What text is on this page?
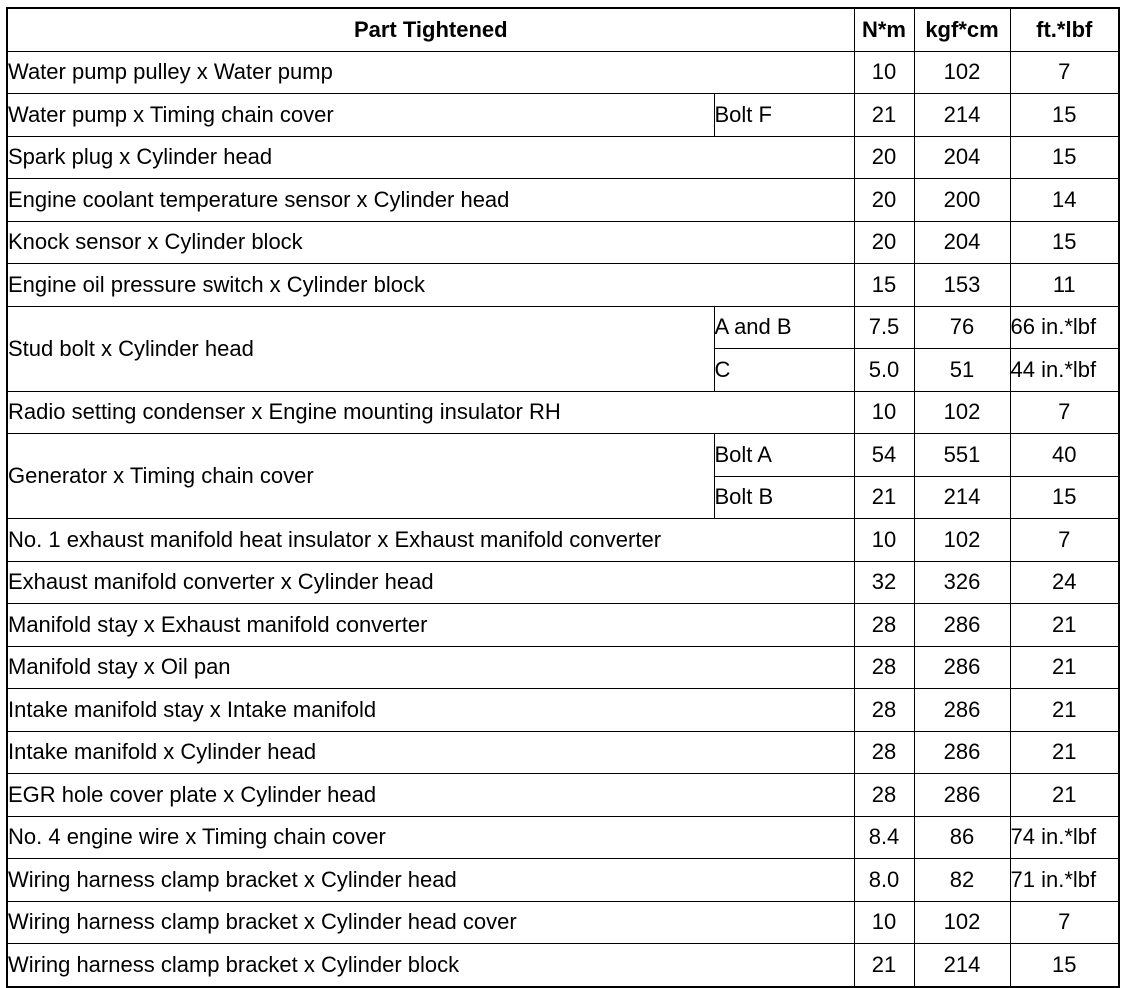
Part Tightened		N*m	kgf*cm	ft.*lbf
Water pump pulley x Water pump		10	102	7
Water pump x Timing chain cover	Bolt F	21	214	15
Spark plug x Cylinder head		20	204	15
Engine coolant temperature sensor x Cylinder head		20	200	14
Knock sensor x Cylinder block		20	204	15
Engine oil pressure switch x Cylinder block		15	153	11
Stud bolt x Cylinder head	A and B	7.5	76	66 in.*lbf
	C	5.0	51	44 in.*lbf
Radio setting condenser x Engine mounting insulator RH		10	102	7
Generator x Timing chain cover	Bolt A	54	551	40
	Bolt B	21	214	15
No. 1 exhaust manifold heat insulator x Exhaust manifold converter		10	102	7
Exhaust manifold converter x Cylinder head		32	326	24
Manifold stay x Exhaust manifold converter		28	286	21
Manifold stay x Oil pan		28	286	21
Intake manifold stay x Intake manifold		28	286	21
Intake manifold x Cylinder head		28	286	21
EGR hole cover plate x Cylinder head		28	286	21
No. 4 engine wire x Timing chain cover		8.4	86	74 in.*lbf
Wiring harness clamp bracket x Cylinder head		8.0	82	71 in.*lbf
Wiring harness clamp bracket x Cylinder head cover		10	102	7
Wiring harness clamp bracket x Cylinder block		21	214	15
